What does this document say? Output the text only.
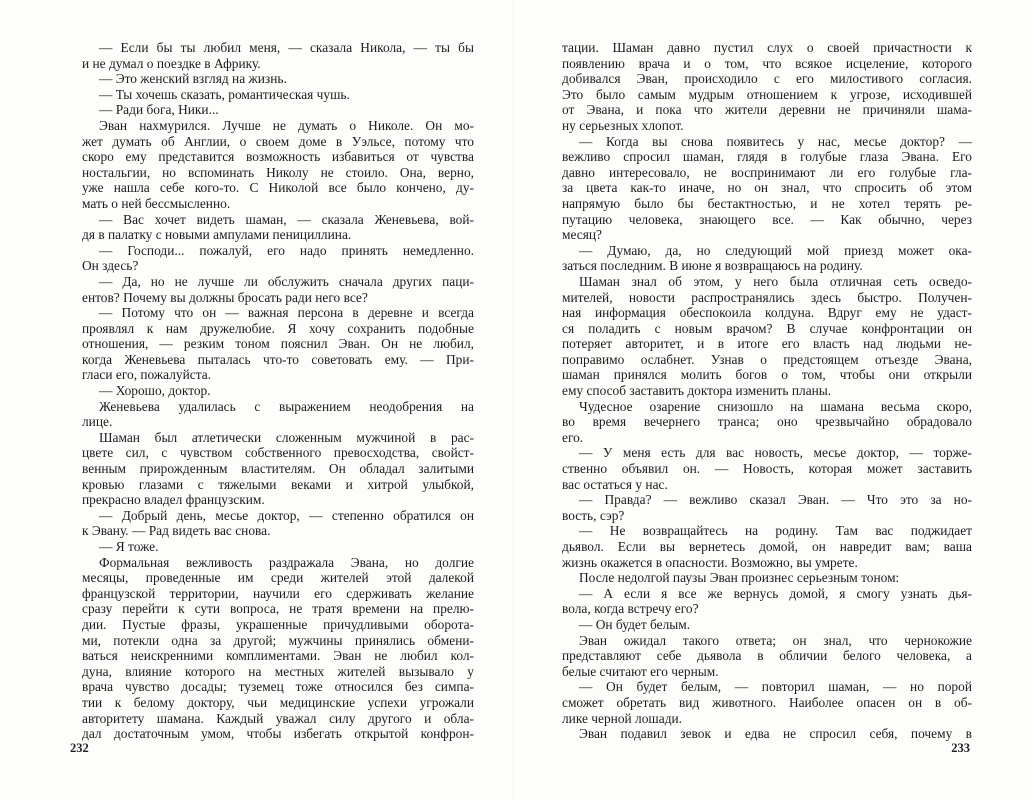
— Если бы ты любил меня, — сказала Никола, — ты бы
и не думал о поездке в Африку.
— Это женский взгляд на жизнь.
— Ты хочешь сказать, романтическая чушь.
— Ради бога, Ники...
Эван нахмурился. Лучше не думать о Николе. Он мо-
жет думать об Англии, о своем доме в Уэльсе, потому что
скоро ему представится возможность избавиться от чувства
ностальгии, но вспоминать Николу не стоило. Она, верно,
уже нашла себе кого-то. С Николой все было кончено, ду-
мать о ней бессмысленно.
— Вас хочет видеть шаман, — сказала Женевьева, вой-
дя в палатку с новыми ампулами пенициллина.
— Господи... пожалуй, его надо принять немедленно.
Он здесь?
— Да, но не лучше ли обслужить сначала других паци-
ентов? Почему вы должны бросать ради него все?
— Потому что он — важная персона в деревне и всегда
проявлял к нам дружелюбие. Я хочу сохранить подобные
отношения, — резким тоном пояснил Эван. Он не любил,
когда Женевьева пыталась что-то советовать ему. — При-
гласи его, пожалуйста.
— Хорошо, доктор.
Женевьева удалилась с выражением неодобрения на
лице.
Шаман был атлетически сложенным мужчиной в рас-
цвете сил, с чувством собственного превосходства, свойст-
венным прирожденным властителям. Он обладал залитыми
кровью глазами с тяжелыми веками и хитрой улыбкой,
прекрасно владел французским.
— Добрый день, месье доктор, — степенно обратился он
к Эвану. — Рад видеть вас снова.
— Я тоже.
Формальная вежливость раздражала Эвана, но долгие
месяцы, проведенные им среди жителей этой далекой
французской территории, научили его сдерживать желание
сразу перейти к сути вопроса, не тратя времени на прелю-
дии. Пустые фразы, украшенные причудливыми оборота-
ми, потекли одна за другой; мужчины принялись обмени-
ваться неискренними комплиментами. Эван не любил кол-
дуна, влияние которого на местных жителей вызывало у
врача чувство досады; туземец тоже относился без симпа-
тии к белому доктору, чьи медицинские успехи угрожали
авторитету шамана. Каждый уважал силу другого и обла-
дал достаточным умом, чтобы избегать открытой конфрон-
232
тации. Шаман давно пустил слух о своей причастности к
появлению врача и о том, что всякое исцеление, которого
добивался Эван, происходило с его милостивого согласия.
Это было самым мудрым отношением к угрозе, исходившей
от Эвана, и пока что жители деревни не причиняли шама-
ну серьезных хлопот.
— Когда вы снова появитесь у нас, месье доктор? —
вежливо спросил шаман, глядя в голубые глаза Эвана. Его
давно интересовало, не воспринимают ли его голубые гла-
за цвета как-то иначе, но он знал, что спросить об этом
напрямую было бы бестактностью, и не хотел терять ре-
путацию человека, знающего все. — Как обычно, через
месяц?
— Думаю, да, но следующий мой приезд может ока-
заться последним. В июне я возвращаюсь на родину.
Шаман знал об этом, у него была отличная сеть осведо-
мителей, новости распространялись здесь быстро. Получен-
ная информация обеспокоила колдуна. Вдруг ему не удаст-
ся поладить с новым врачом? В случае конфронтации он
потеряет авторитет, и в итоге его власть над людьми не-
поправимо ослабнет. Узнав о предстоящем отъезде Эвана,
шаман принялся молить богов о том, чтобы они открыли
ему способ заставить доктора изменить планы.
Чудесное озарение снизошло на шамана весьма скоро,
во время вечернего транса; оно чрезвычайно обрадовало
его.
— У меня есть для вас новость, месье доктор, — торже-
ственно объявил он. — Новость, которая может заставить
вас остаться у нас.
— Правда? — вежливо сказал Эван. — Что это за но-
вость, сэр?
— Не возвращайтесь на родину. Там вас поджидает
дьявол. Если вы вернетесь домой, он навредит вам; ваша
жизнь окажется в опасности. Возможно, вы умрете.
После недолгой паузы Эван произнес серьезным тоном:
— А если я все же вернусь домой, я смогу узнать дья-
вола, когда встречу его?
— Он будет белым.
Эван ожидал такого ответа; он знал, что чернокожие
представляют себе дьявола в обличии белого человека, а
белые считают его черным.
— Он будет белым, — повторил шаман, — но порой
сможет обретать вид животного. Наиболее опасен он в об-
лике черной лошади.
Эван подавил зевок и едва не спросил себя, почему в
233
